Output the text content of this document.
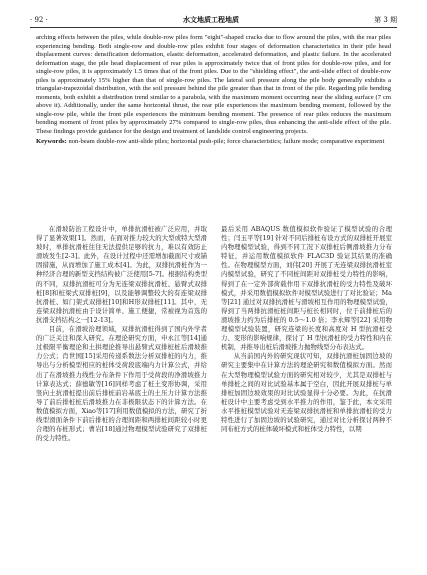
· 92 ·	水文地质工程地质	第 3 期
arching effects between the piles, while double-row piles form "eight"-shaped cracks due to flow around the piles, with the rear piles experiencing bending. Both single-row and double-row piles exhibit four stages of deformation characteristics in their pile head displacement curves: densification deformation, elastic deformation, accelerated deformation, and plastic failure. In the accelerated deformation stage, the pile head displacement of rear piles is approximately twice that of front piles for double-row piles, and for single-row piles, it is approximately 1.5 times that of the front piles. Due to the "shielding effect", the anti-slide effect of double-row piles is approximately 15% higher than that of single-row piles. The lateral soil pressure along the pile body generally exhibits a triangular-trapezoidal distribution, with the soil pressure behind the pile greater than that in front of the pile. Regarding pile bending moments, both exhibit a distribution trend similar to a parabola, with the maximum moment occurring near the sliding surface (7 cm above it). Additionally, under the same horizontal thrust, the rear pile experiences the maximum bending moment, followed by the single-row pile, while the front pile experiences the minimum bending moment. The presence of rear piles reduces the maximum bending moment of front piles by approximately 27% compared to single-row piles, thus enhancing the anti-slide effect of the pile. These findings provide guidance for the design and treatment of landslide control engineering projects.
Keywords: non-beam double-row anti-slide piles; horizontal push-pile; force characteristics; failure mode; comparative experiment

在滑坡防治工程设计中，单排抗滑桩被广泛应用，并取得了显著效果[1]。然而，在面对推力较大的大型或特大型滑坡时，单排抗滑桩往往无法提供足够的抗力，难以有效防止滑坡发生[2-3]。此外，在设计过程中还需增加截面尺寸或锚固措施，从而增加了施工成本[4]。为此，双排抗滑桩作为一种经济合理的新型支挡结构被广泛使用[5-7]。根据结构类型的不同，双排抗滑桩可分为无连梁双排抗滑桩、悬臂式双排桩[8]和桩梁式双排桩[9]，以及能够调整较大的有连梁双排抗滑桩、如门架式双排桩[10]和H形双排桩[11]。其中，无连梁双排抗滑桩由于设计简单、施工便捷，常被视为首选的抗滑支挡结构之一[12-13]。

目前，在滑坡治理领域，双排抗滑桩得到了国内外学者的广泛关注和深入研究。在理论研究方面，申永江等[14]通过极限平衡理论和土拱理论推导出悬臂式双排桩桩后滑坡推力公式；肖世国[15]采用传递系数法分析双排桩的内力，推导出与分析模型相应的桩体受荷段底端内力计算公式，并给出了在滑坡推力线性分布条件下作用于受荷段的净滑坡推力计算表达式；薛德敏等[16]同样考虑了桩土变形协调，采用竖向土抗滑桩提出前后排桩前岩基底土的土压力计算方法推导了前后排桩桩后滑坡推力在非极限状态下的计算方法。在数值模拟方面，Xiao等[17]利用数值模拟的方法，研究了折线型滑面条件下前后排桩的合理间距和两排桩间距较小时更合理的布桩形式；曹岩[18]通过物理模型试验研究了双排桩的受力特性。

最后采用 ABAQUS 数值模拟软件验证了模型试验的合理性；闫玉平等[19] 针对不同后排桩布设方式的双排桩开展室内物理模型试验，得到不同工况下双排桩后侧滑坡推力分布特征，并运用数值模拟软件 FLAC3D 验证其结果的准确性。在物理模型方面，刘伟[20] 开展了无连梁双排抗滑桩室内模型试验，研究了不同桩间距对双排桩受力特性的影响，得到了在一定外部荷载作用下双排抗滑桩的受力特性及破坏模式，并采用数值模拟软件对模型试验进行了对比验证；Ma 等[21] 通过对双排抗滑桩与滑坡相互作用的物理模型试验，得到了当两排抗滑桩桩间距与桩长相同时，位于前排桩后的滑坡推力约为后排桩的 0.5～1.0 倍；李永辉等[22] 采用物理模型试验装置，研究连梁的长度和高度对 H 型抗滑桩受力、变形的影响规律，探讨了 H 型抗滑桩的受力特性和内在机制，并推导出桩后滑坡推力抛物线型分布表达式。

从当前国内外的研究现状可知，双排抗滑桩加固边坡的研究主要集中在计算方法的理论研究和数值模拟方面。然而在大型物理模型试验方面的研究相对较少，尤其是双排桩与单排桩之间的对比试验基本属于空白，因此开展双排桩与单排桩加固边坡效果的对比试验显得十分必要。为此，在抗滑桩设计中主要考虑受到水平推力的作用，鉴于此，本文采用水平推桩模型试验对无连梁双排抗滑桩和单排抗滑桩的受力特性进行了加固边坡的试验研究，通过对比分析探讨两种不同布桩方式的桩体破坏模式和桩体受力特性，以期
